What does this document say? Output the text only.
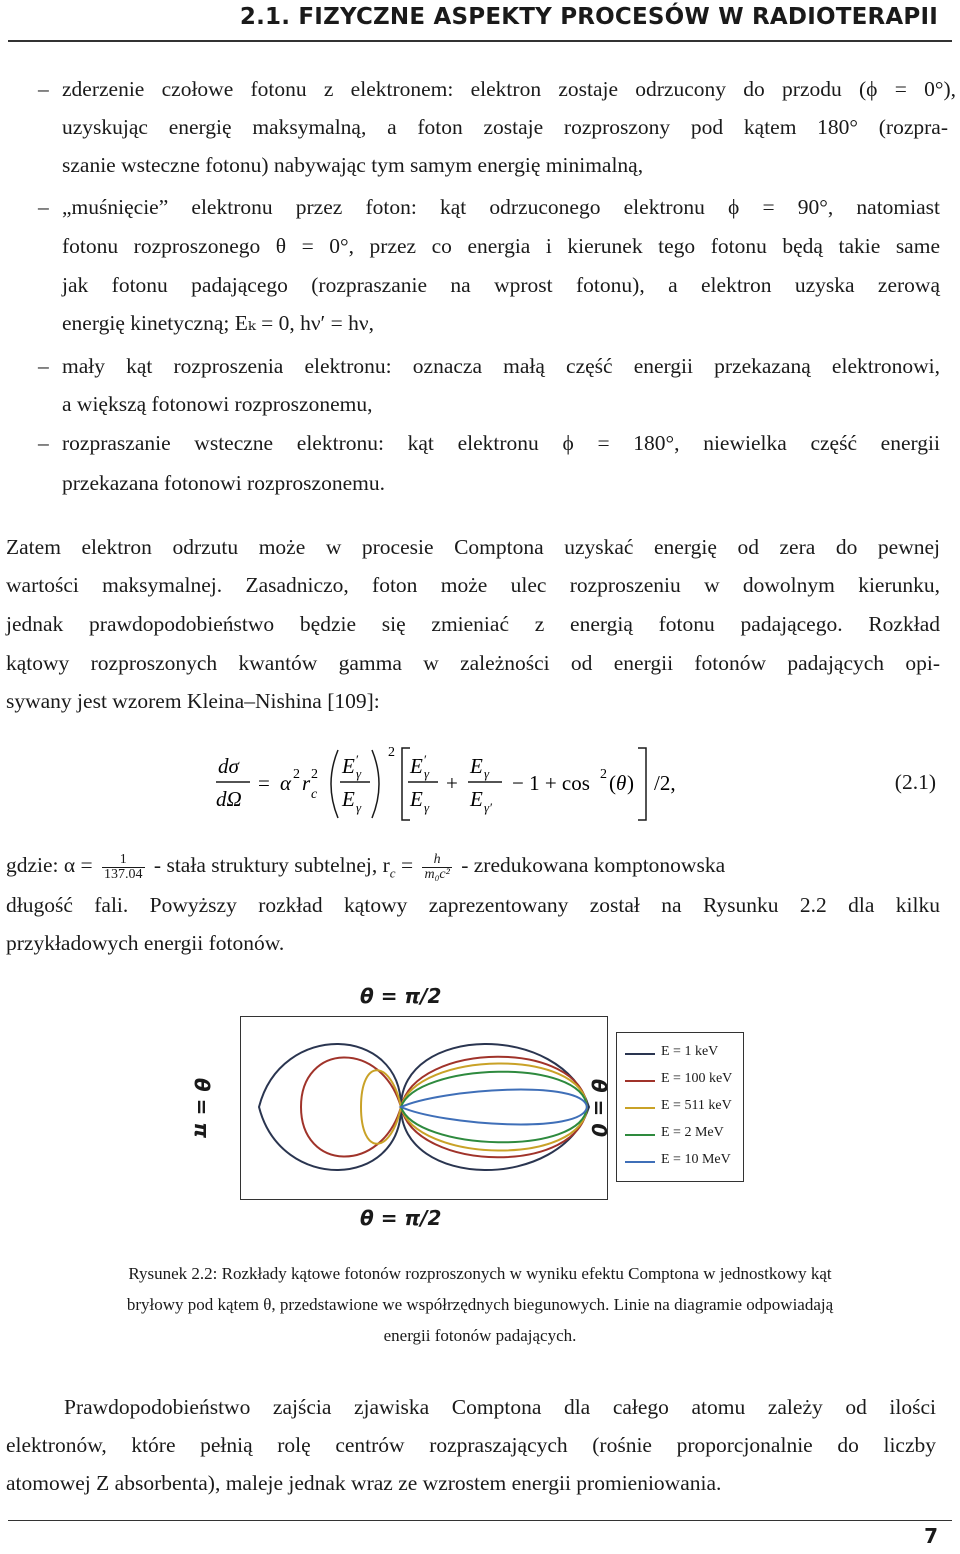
2.1. FIZYCZNE ASPEKTY PROCESÓW W RADIOTERAPII
– zderzenie czołowe fotonu z elektronem: elektron zostaje odrzucony do przodu (ϕ = 0°),
uzyskując energię maksymalną, a foton zostaje rozproszony pod kątem 180° (rozpra-
szanie wsteczne fotonu) nabywając tym samym energię minimalną,
– „muśnięcie” elektronu przez foton: kąt odrzuconego elektronu ϕ = 90°, natomiast
fotonu rozproszonego θ = 0°, przez co energia i kierunek tego fotonu będą takie same
jak fotonu padającego (rozpraszanie na wprost fotonu), a elektron uzyska zerową
energię kinetyczną; Eₖ = 0, hν′ = hν,
– mały kąt rozproszenia elektronu: oznacza małą część energii przekazaną elektronowi,
a większą fotonowi rozproszonemu,
– rozpraszanie wsteczne elektronu: kąt elektronu ϕ = 180°, niewielka część energii
przekazana fotonowi rozproszonemu.
Zatem elektron odrzutu może w procesie Comptona uzyskać energię od zera do pewnej
wartości maksymalnej. Zasadniczo, foton może ulec rozproszeniu w dowolnym kierunku,
jednak prawdopodobieństwo będzie się zmieniać z energią fotonu padającego. Rozkład
kątowy rozproszonych kwantów gamma w zależności od energii fotonów padających opi-
sywany jest wzorem Kleina–Nishina [109]:
dσ
dΩ
= α 2 r 2
c
E ′
γ
E γ
2
E ′
γ
E γ
+
E γ
E γ′
− 1 + cos 2 ( θ ) /2,	(2.1)
gdzie: $\alpha = \frac{1}{137.04}$ - stała struktury subtelnej, $r_c = \frac{h}{\text{m₀c²}}$ - zredukowana komptonowska
długość fali. Powyższy rozkład kątowy zaprezentowany został na Rysunku 2.2 dla kilku
przykładowych energii fotonów.
θ = π/2
θ = π/2
θ = π	θ = 0
E = 1 keV
E = 100 keV
E = 511 keV
E = 2 MeV
E = 10 MeV
Rysunek 2.2: Rozkłady kątowe fotonów rozproszonych w wyniku efektu Comptona w jednostkowy kąt
bryłowy pod kątem θ, przedstawione we współrzędnych biegunowych. Linie na diagramie odpowiadają
energii fotonów padających.
Prawdopodobieństwo zajścia zjawiska Comptona dla całego atomu zależy od ilości
elektronów, które pełnią rolę centrów rozpraszających (rośnie proporcjonalnie do liczby
atomowej Z absorbenta), maleje jednak wraz ze wzrostem energii promieniowania.
7
